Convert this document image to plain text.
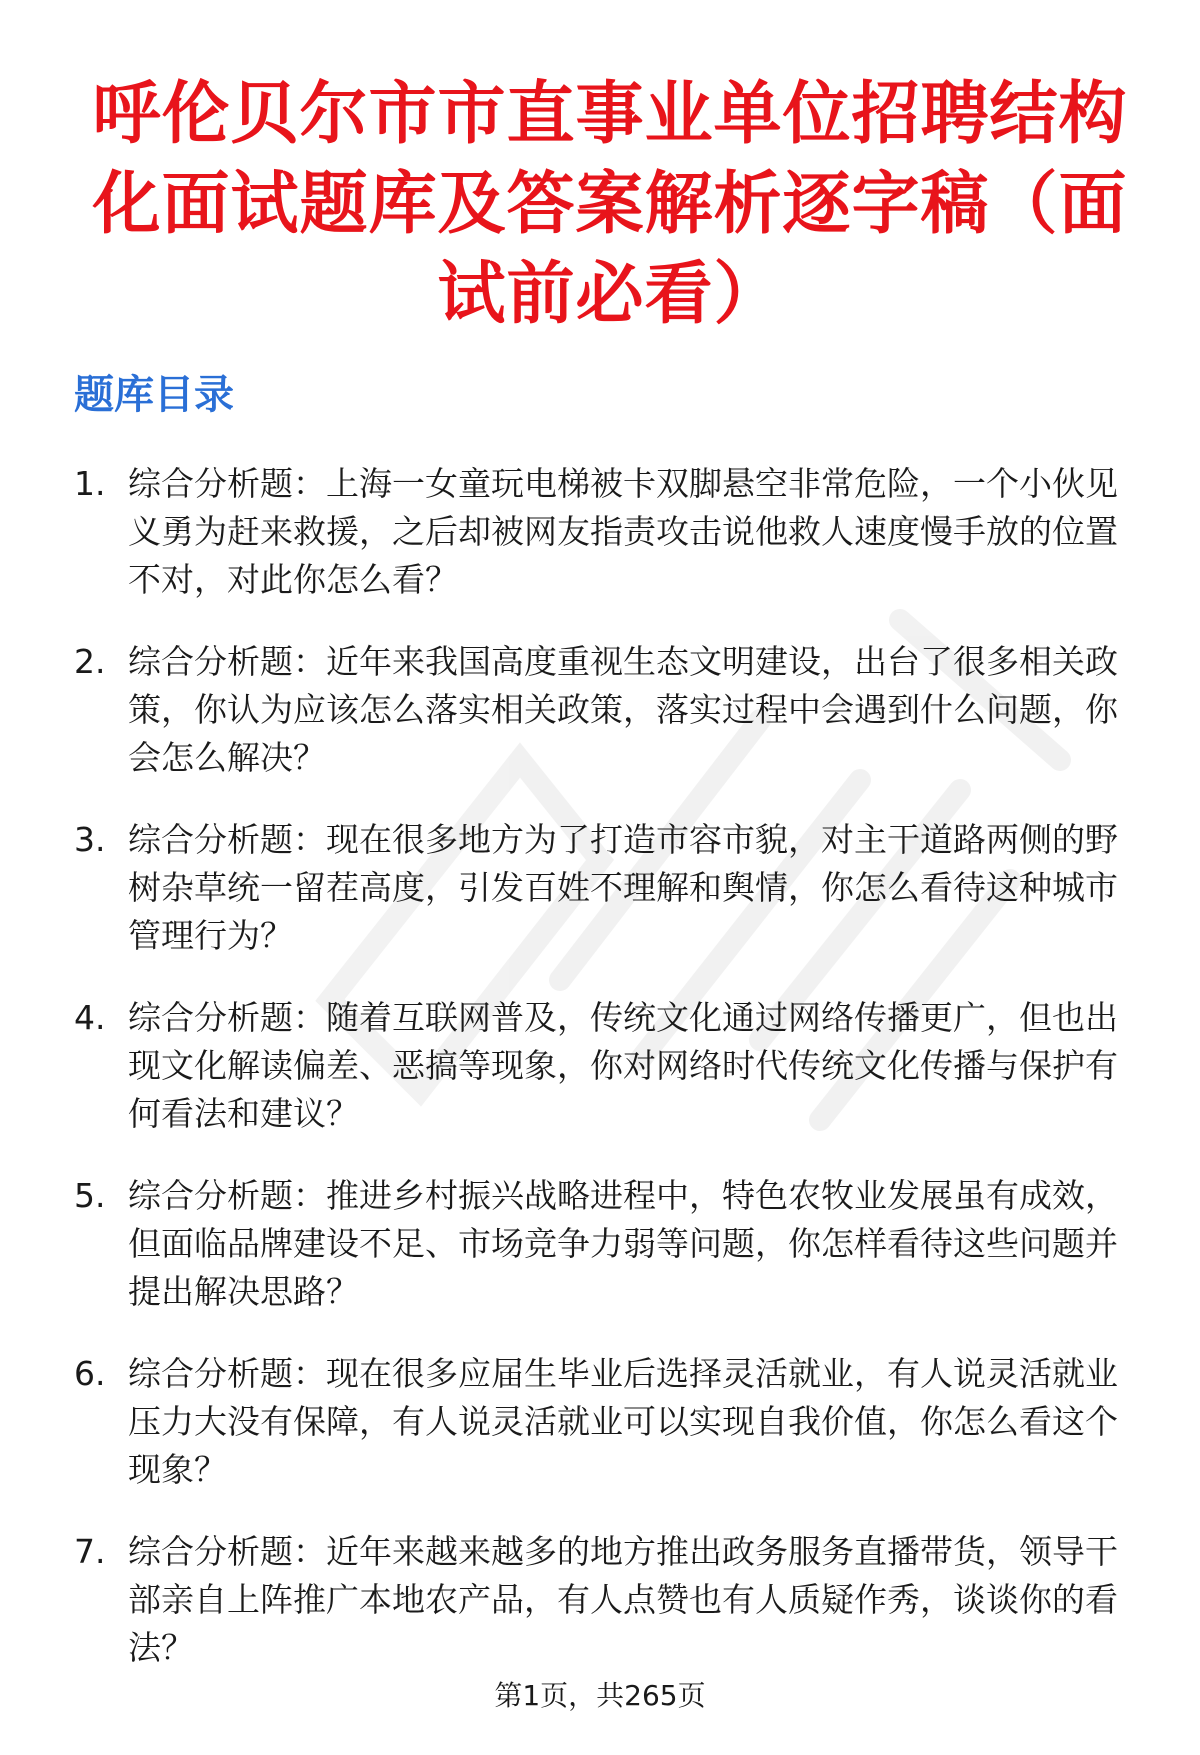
呼伦贝尔市市直事业单位招聘结构化面试题库及答案解析逐字稿（面试前必看）
题库目录
1. 综合分析题：上海一女童玩电梯被卡双脚悬空非常危险，一个小伙见义勇为赶来救援，之后却被网友指责攻击说他救人速度慢手放的位置不对，对此你怎么看？
2. 综合分析题：近年来我国高度重视生态文明建设，出台了很多相关政策，你认为应该怎么落实相关政策，落实过程中会遇到什么问题，你会怎么解决？
3. 综合分析题：现在很多地方为了打造市容市貌，对主干道路两侧的野树杂草统一留茬高度，引发百姓不理解和舆情，你怎么看待这种城市管理行为？
4. 综合分析题：随着互联网普及，传统文化通过网络传播更广，但也出现文化解读偏差、恶搞等现象，你对网络时代传统文化传播与保护有何看法和建议？
5. 综合分析题：推进乡村振兴战略进程中，特色农牧业发展虽有成效，但面临品牌建设不足、市场竞争力弱等问题，你怎样看待这些问题并提出解决思路？
6. 综合分析题：现在很多应届生毕业后选择灵活就业，有人说灵活就业压力大没有保障，有人说灵活就业可以实现自我价值，你怎么看这个现象？
7. 综合分析题：近年来越来越多的地方推出政务服务直播带货，领导干部亲自上阵推广本地农产品，有人点赞也有人质疑作秀，谈谈你的看法？
第1页，共265页
